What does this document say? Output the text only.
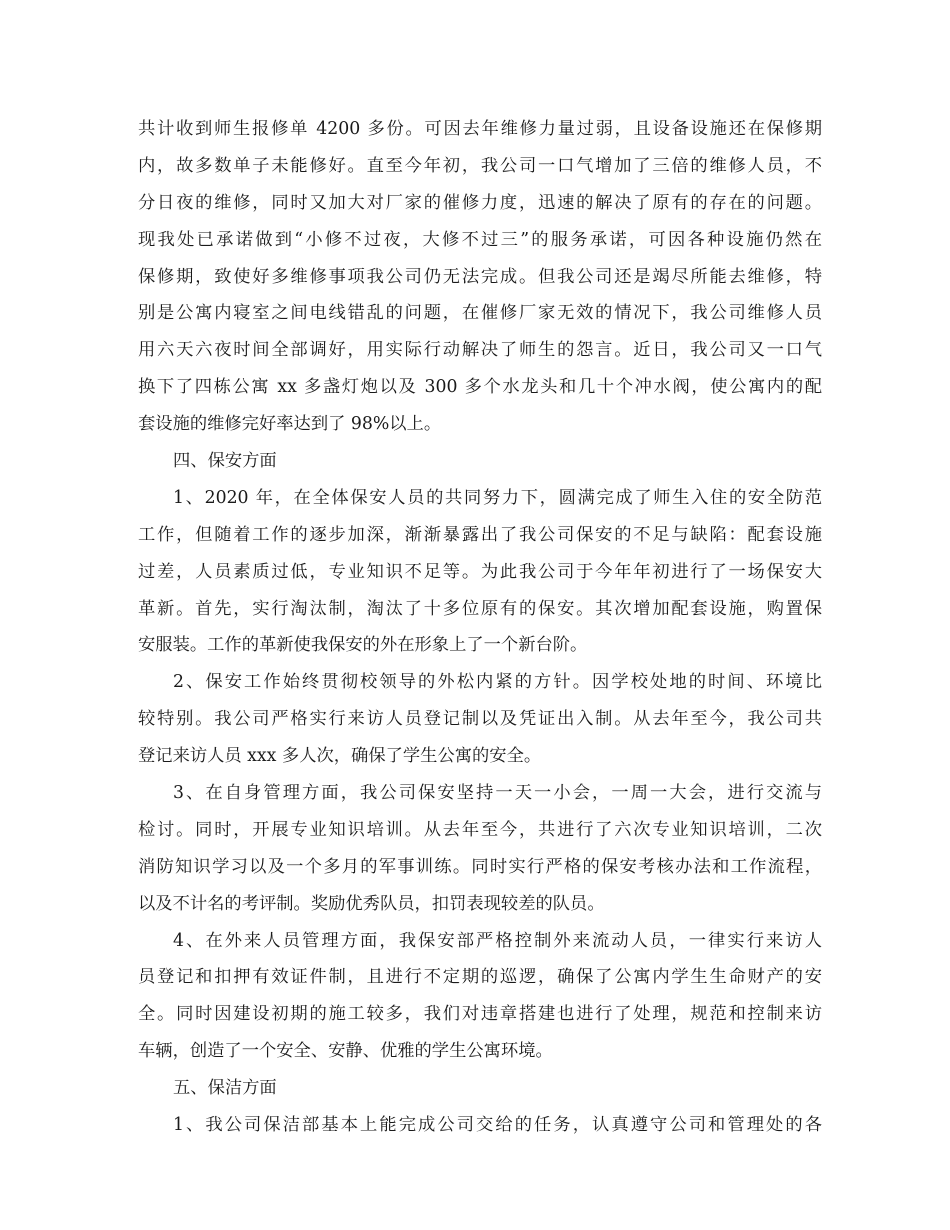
共计收到师生报修单 4200 多份。可因去年维修力量过弱，且设备设施还在保修期
内，故多数单子未能修好。直至今年初，我公司一口气增加了三倍的维修人员，不
分日夜的维修，同时又加大对厂家的催修力度，迅速的解决了原有的存在的问题。
现我处已承诺做到“小修不过夜，大修不过三”的服务承诺，可因各种设施仍然在
保修期，致使好多维修事项我公司仍无法完成。但我公司还是竭尽所能去维修，特
别是公寓内寝室之间电线错乱的问题，在催修厂家无效的情况下，我公司维修人员
用六天六夜时间全部调好，用实际行动解决了师生的怨言。近日，我公司又一口气
换下了四栋公寓 xx 多盏灯炮以及 300 多个水龙头和几十个冲水阀，使公寓内的配
套设施的维修完好率达到了 98%以上。
四、保安方面
1、2020 年，在全体保安人员的共同努力下，圆满完成了师生入住的安全防范
工作，但随着工作的逐步加深，渐渐暴露出了我公司保安的不足与缺陷：配套设施
过差，人员素质过低，专业知识不足等。为此我公司于今年年初进行了一场保安大
革新。首先，实行淘汰制，淘汰了十多位原有的保安。其次增加配套设施，购置保
安服装。工作的革新使我保安的外在形象上了一个新台阶。
2、保安工作始终贯彻校领导的外松内紧的方针。因学校处地的时间、环境比
较特别。我公司严格实行来访人员登记制以及凭证出入制。从去年至今，我公司共
登记来访人员 xxx 多人次，确保了学生公寓的安全。
3、在自身管理方面，我公司保安坚持一天一小会，一周一大会，进行交流与
检讨。同时，开展专业知识培训。从去年至今，共进行了六次专业知识培训，二次
消防知识学习以及一个多月的军事训练。同时实行严格的保安考核办法和工作流程，
以及不计名的考评制。奖励优秀队员，扣罚表现较差的队员。
4、在外来人员管理方面，我保安部严格控制外来流动人员，一律实行来访人
员登记和扣押有效证件制，且进行不定期的巡逻，确保了公寓内学生生命财产的安
全。同时因建设初期的施工较多，我们对违章搭建也进行了处理，规范和控制来访
车辆，创造了一个安全、安静、优雅的学生公寓环境。
五、保洁方面
1、我公司保洁部基本上能完成公司交给的任务，认真遵守公司和管理处的各
